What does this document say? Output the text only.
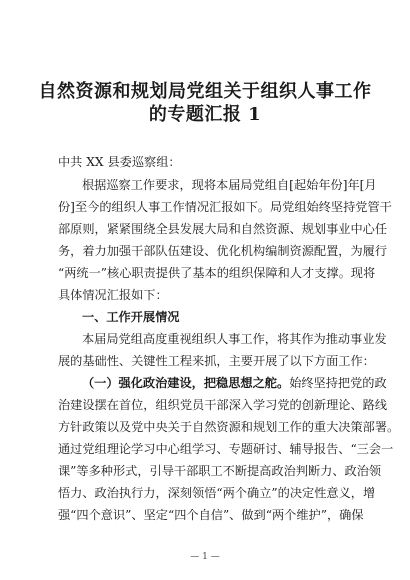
自然资源和规划局党组关于组织人事工作
的专题汇报 1
中共 XX 县委巡察组：
根据巡察工作要求，现将本届局党组自[起始年份]年[月
份]至今的组织人事工作情况汇报如下。局党组始终坚持党管干
部原则，紧紧围绕全县发展大局和自然资源、规划事业中心任
务，着力加强干部队伍建设、优化机构编制资源配置，为履行
“两统一”核心职责提供了基本的组织保障和人才支撑。现将
具体情况汇报如下：
一、工作开展情况
本届局党组高度重视组织人事工作，将其作为推动事业发
展的基础性、关键性工程来抓，主要开展了以下方面工作：
（一）强化政治建设，把稳思想之舵。始终坚持把党的政
治建设摆在首位，组织党员干部深入学习党的创新理论、路线
方针政策以及党中央关于自然资源和规划工作的重大决策部署。
通过党组理论学习中心组学习、专题研讨、辅导报告、“三会一
课”等多种形式，引导干部职工不断提高政治判断力、政治领
悟力、政治执行力，深刻领悟“两个确立”的决定性意义，增
强“四个意识”、坚定“四个自信”、做到“两个维护”，确保
— 1 —
